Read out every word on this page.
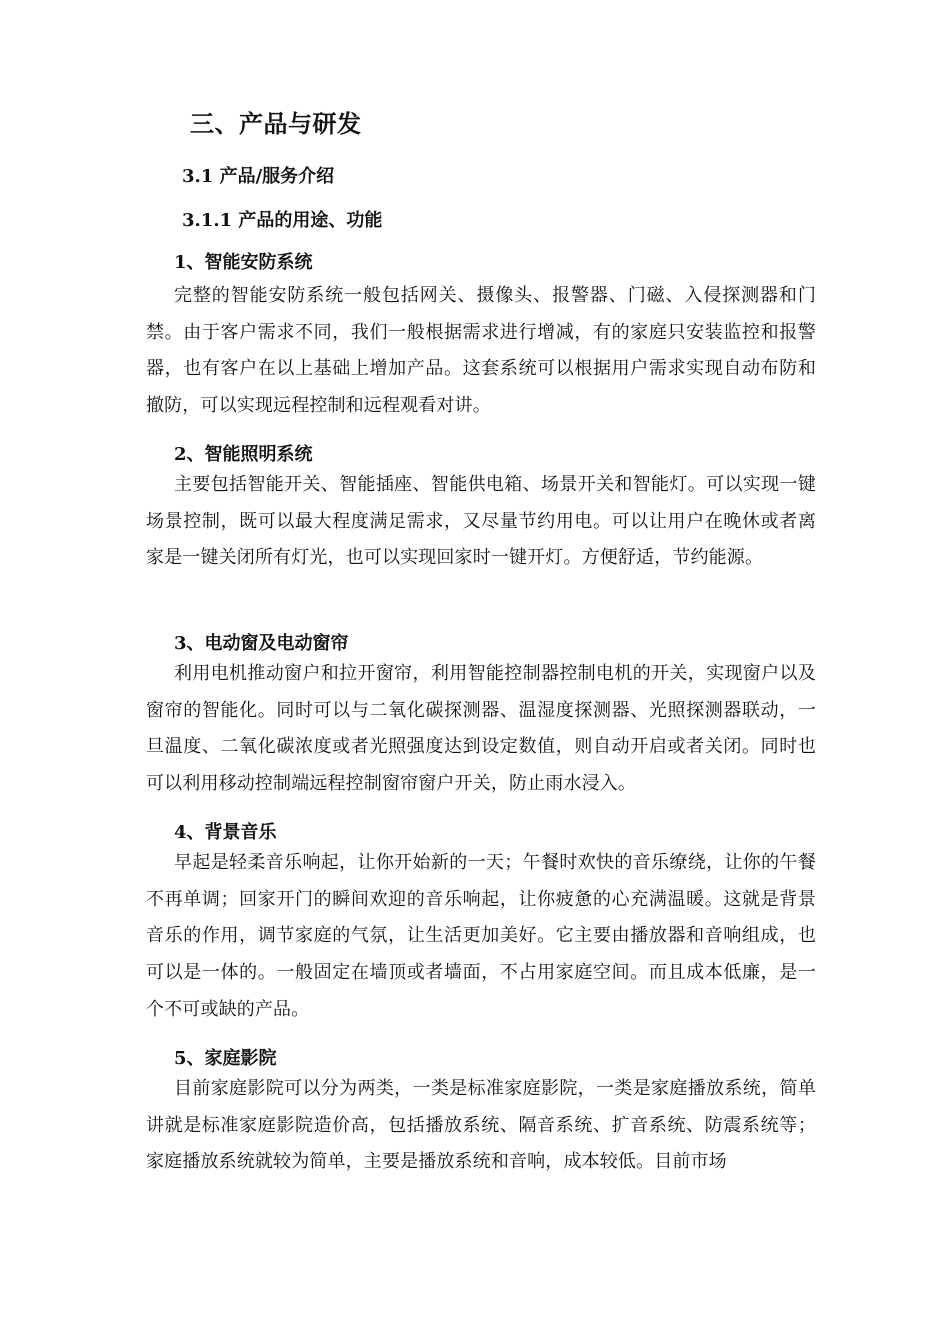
三、产品与研发
3.1 产品/服务介绍
3.1.1 产品的用途、功能
1、智能安防系统

完整的智能安防系统一般包括网关、摄像头、报警器、门磁、入侵探测器和门禁。由于客户需求不同，我们一般根据需求进行增减，有的家庭只安装监控和报警器，也有客户在以上基础上增加产品。这套系统可以根据用户需求实现自动布防和撤防，可以实现远程控制和远程观看对讲。

2、智能照明系统

主要包括智能开关、智能插座、智能供电箱、场景开关和智能灯。可以实现一键场景控制，既可以最大程度满足需求，又尽量节约用电。可以让用户在晚休或者离家是一键关闭所有灯光，也可以实现回家时一键开灯。方便舒适，节约能源。

3、电动窗及电动窗帘

利用电机推动窗户和拉开窗帘，利用智能控制器控制电机的开关，实现窗户以及窗帘的智能化。同时可以与二氧化碳探测器、温湿度探测器、光照探测器联动，一旦温度、二氧化碳浓度或者光照强度达到设定数值，则自动开启或者关闭。同时也可以利用移动控制端远程控制窗帘窗户开关，防止雨水浸入。

4、背景音乐

早起是轻柔音乐响起，让你开始新的一天；午餐时欢快的音乐缭绕，让你的午餐不再单调；回家开门的瞬间欢迎的音乐响起，让你疲惫的心充满温暖。这就是背景音乐的作用，调节家庭的气氛，让生活更加美好。它主要由播放器和音响组成，也可以是一体的。一般固定在墙顶或者墙面，不占用家庭空间。而且成本低廉，是一个不可或缺的产品。

5、家庭影院

目前家庭影院可以分为两类，一类是标准家庭影院，一类是家庭播放系统，简单讲就是标准家庭影院造价高，包括播放系统、隔音系统、扩音系统、防震系统等；家庭播放系统就较为简单，主要是播放系统和音响，成本较低。目前市场
